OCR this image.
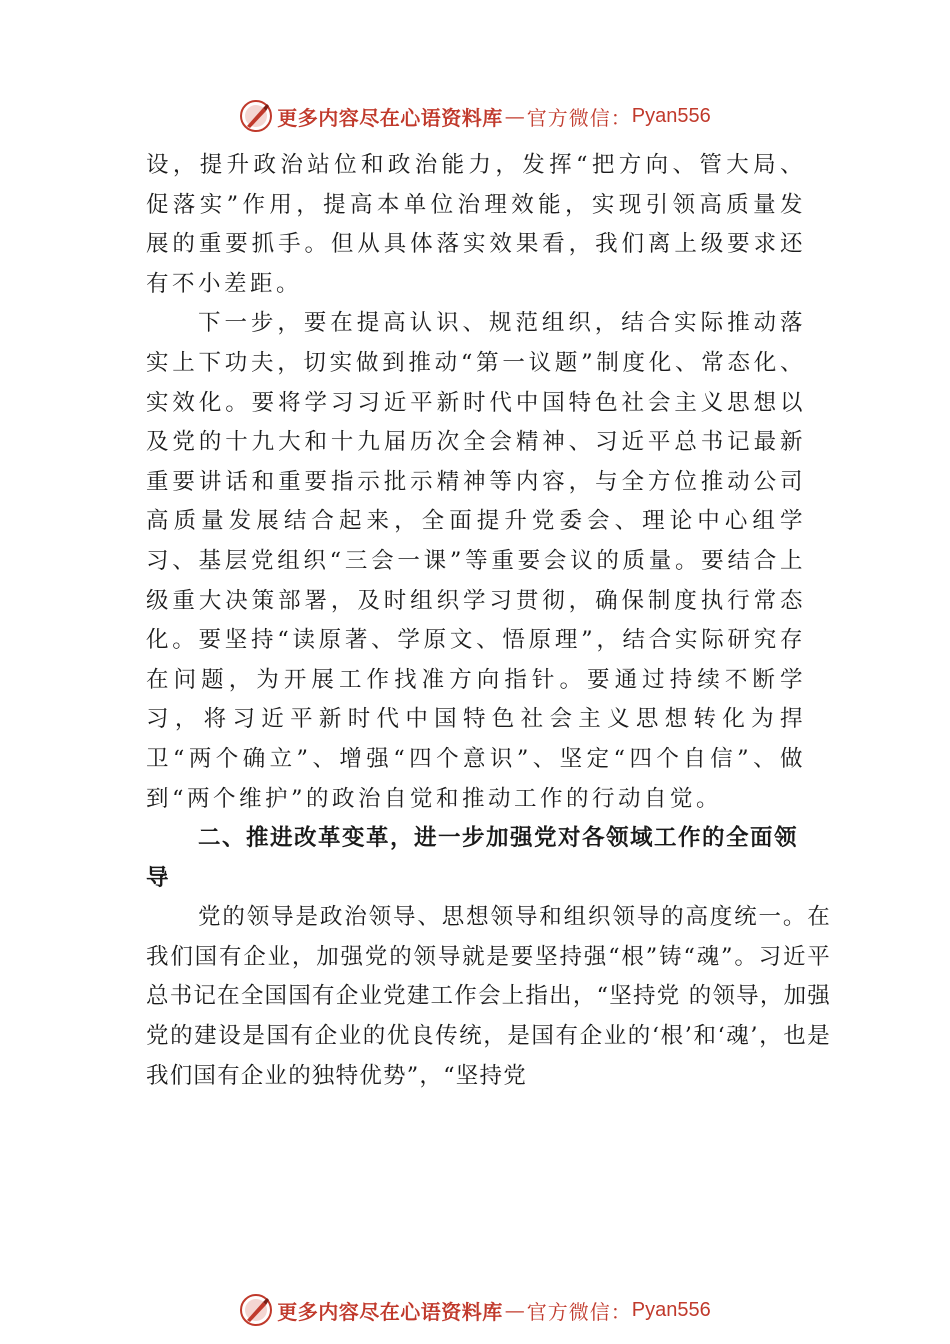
更多内容尽在心语资料库 — 官方微信： Pyan556

设，提升政治站位和政治能力，发挥“把方向、管大局、促落实”作用，提高本单位治理效能，实现引领高质量发展的重要抓手。但从具体落实效果看，我们离上级要求还有不小差距。

下一步，要在提高认识、规范组织，结合实际推动落实上下功夫，切实做到推动“第一议题”制度化、常态化、实效化。要将学习习近平新时代中国特色社会主义思想以及党的十九大和十九届历次全会精神、习近平总书记最新重要讲话和重要指示批示精神等内容，与全方位推动公司高质量发展结合起来，全面提升党委会、理论中心组学习、基层党组织“三会一课”等重要会议的质量。要结合上级重大决策部署，及时组织学习贯彻，确保制度执行常态化。要坚持“读原著、学原文、悟原理”，结合实际研究存在问题，为开展工作找准方向指针。要通过持续不断学习，将习近平新时代中国特色社会主义思想转化为捍卫“两个确立”、增强“四个意识”、坚定“四个自信”、做到“两个维护”的政治自觉和推动工作的行动自觉。

二、推进改革变革，进一步加强党对各领域工作的全面领导

党的领导是政治领导、思想领导和组织领导的高度统一。在我们国有企业，加强党的领导就是要坚持强“根”铸“魂”。习近平总书记在全国国有企业党建工作会上指出，“坚持党 的领导，加强党的建设是国有企业的优良传统，是国有企业的‘根’和‘魂’，也是我们国有企业的独特优势”，“坚持党

更多内容尽在心语资料库 — 官方微信： Pyan556
